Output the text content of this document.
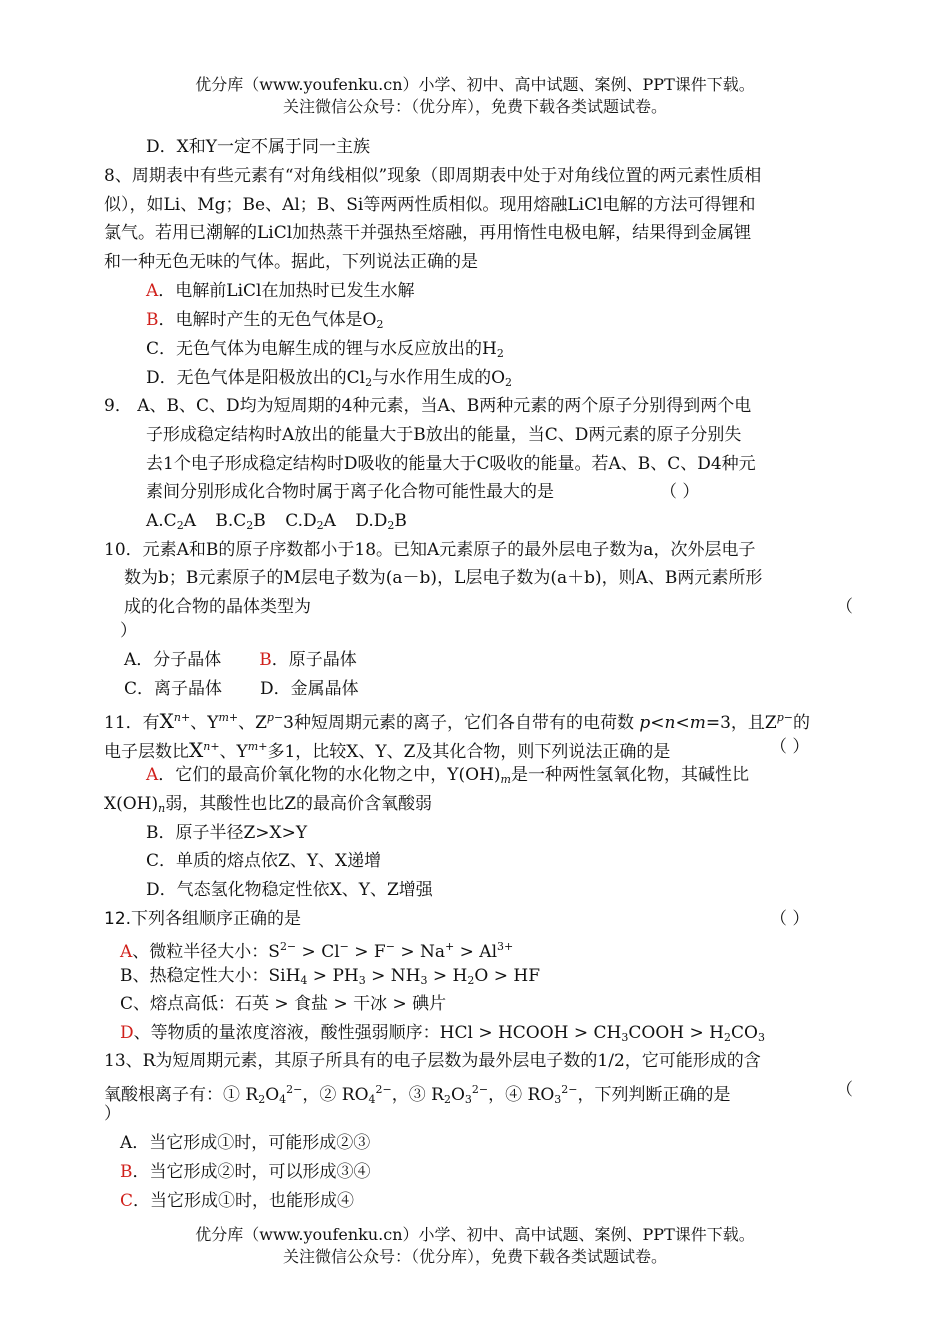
优分库（www.youfenku.cn）小学、初中、高中试题、案例、PPT课件下载。
关注微信公众号：（优分库），免费下载各类试题试卷。
D．X和Y一定不属于同一主族
8、周期表中有些元素有“对角线相似”现象（即周期表中处于对角线位置的两元素性质相
似），如Li、Mg；Be、Al；B、Si等两两性质相似。现用熔融LiCl电解的方法可得锂和
氯气。若用已潮解的LiCl加热蒸干并强热至熔融，再用惰性电极电解，结果得到金属锂
和一种无色无味的气体。据此，下列说法正确的是
A．电解前LiCl在加热时已发生水解
B．电解时产生的无色气体是$O_2$
C．无色气体为电解生成的锂与水反应放出的$H_2$
D．无色气体是阳极放出的$Cl_2$与水作用生成的$O_2$
9． A、B、C、D均为短周期的4种元素，当A、B两种元素的两个原子分别得到两个电
子形成稳定结构时A放出的能量大于B放出的能量，当C、D两元素的原子分别失
去1个电子形成稳定结构时D吸收的能量大于C吸收的能量。若A、B、C、D4种元
素间分别形成化合物时属于离子化合物可能性最大的是	（ ）
$A.C_2A$ $B.C_2B$ $C.D_2A$ $D.D_2B$
10．元素A和B的原子序数都小于18。已知A元素原子的最外层电子数为a，次外层电子
数为b；B元素原子的M层电子数为(a－b)，L层电子数为(a＋b)，则A、B两元素所形
成的化合物的晶体类型为	（
）
A．分子晶体 B．原子晶体
C．离子晶体 D．金属晶体
11．有$X^{n+}$、$Y^{m+}$、$Z^{p-}3$种短周期元素的离子，它们各自带有的电荷数 p<n<m=3，且$Z^{p-}$的
电子层数比$X^{n+}$、$Y^{m+}$多1，比较X、Y、Z及其化合物，则下列说法正确的是	（ ）
A．它们的最高价氧化物的水化物之中，$Y(OH)_m$是一种两性氢氧化物，其碱性比
$X(OH)_n$弱，其酸性也比Z的最高价含氧酸弱
B．原子半径Z>X>Y
C．单质的熔点依Z、Y、X递增
D．气态氢化物稳定性依X、Y、Z增强
12.下列各组顺序正确的是	（ ）
A、微粒半径大小：$S^{2-} > Cl^- > F^- > Na^+ > Al^{3+}$
B、热稳定性大小：$SiH_4 > PH_3 > NH_3 > H_2O$ > HF
C、熔点高低：石英 > 食盐 > 干冰 > 碘片
D、等物质的量浓度溶液，酸性强弱顺序：HCl > HCOOH > $CH_3COOH > H_2CO_3$
13、R为短周期元素，其原子所具有的电子层数为最外层电子数的1/2，它可能形成的含
氧酸根离子有：① $R_2O_4^{2-}$，② $RO_4^{2-}$，③ $R_2O_3^{2-}$，④ $RO_3^{2-}$，下列判断正确的是	（
）
A．当它形成①时，可能形成②③
B．当它形成②时，可以形成③④
C．当它形成①时，也能形成④
优分库（www.youfenku.cn）小学、初中、高中试题、案例、PPT课件下载。
关注微信公众号：（优分库），免费下载各类试题试卷。
